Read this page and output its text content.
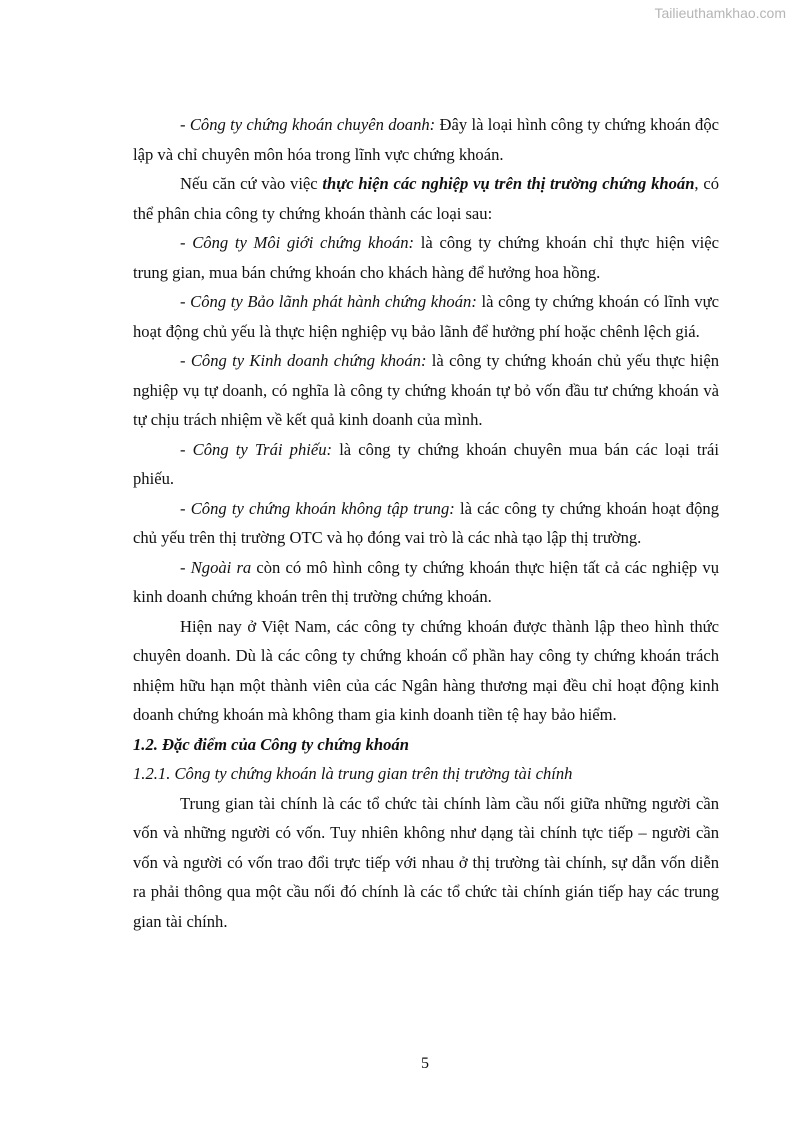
Tailieuthamkhao.com

- Công ty chứng khoán chuyên doanh: Đây là loại hình công ty chứng khoán độc lập và chỉ chuyên môn hóa trong lĩnh vực chứng khoán.

Nếu căn cứ vào việc thực hiện các nghiệp vụ trên thị trường chứng khoán, có thể phân chia công ty chứng khoán thành các loại sau:

- Công ty Môi giới chứng khoán: là công ty chứng khoán chỉ thực hiện việc trung gian, mua bán chứng khoán cho khách hàng để hưởng hoa hồng.

- Công ty Bảo lãnh phát hành chứng khoán: là công ty chứng khoán có lĩnh vực hoạt động chủ yếu là thực hiện nghiệp vụ bảo lãnh để hưởng phí hoặc chênh lệch giá.

- Công ty Kinh doanh chứng khoán: là công ty chứng khoán chủ yếu thực hiện nghiệp vụ tự doanh, có nghĩa là công ty chứng khoán tự bỏ vốn đầu tư chứng khoán và tự chịu trách nhiệm về kết quả kinh doanh của mình.

- Công ty Trái phiếu: là công ty chứng khoán chuyên mua bán các loại trái phiếu.

- Công ty chứng khoán không tập trung: là các công ty chứng khoán hoạt động chủ yếu trên thị trường OTC và họ đóng vai trò là các nhà tạo lập thị trường.

- Ngoài ra còn có mô hình công ty chứng khoán thực hiện tất cả các nghiệp vụ kinh doanh chứng khoán trên thị trường chứng khoán.

Hiện nay ở Việt Nam, các công ty chứng khoán được thành lập theo hình thức chuyên doanh. Dù là các công ty chứng khoán cổ phần hay công ty chứng khoán trách nhiệm hữu hạn một thành viên của các Ngân hàng thương mại đều chỉ hoạt động kinh doanh chứng khoán mà không tham gia kinh doanh tiền tệ hay bảo hiểm.

1.2. Đặc điểm của Công ty chứng khoán

1.2.1. Công ty chứng khoán là trung gian trên thị trường tài chính

Trung gian tài chính là các tổ chức tài chính làm cầu nối giữa những người cần vốn và những người có vốn. Tuy nhiên không như dạng tài chính tực tiếp – người cần vốn và người có vốn trao đổi trực tiếp với nhau ở thị trường tài chính, sự dẫn vốn diễn ra phải thông qua một cầu nối đó chính là các tổ chức tài chính gián tiếp hay các trung gian tài chính.

5
